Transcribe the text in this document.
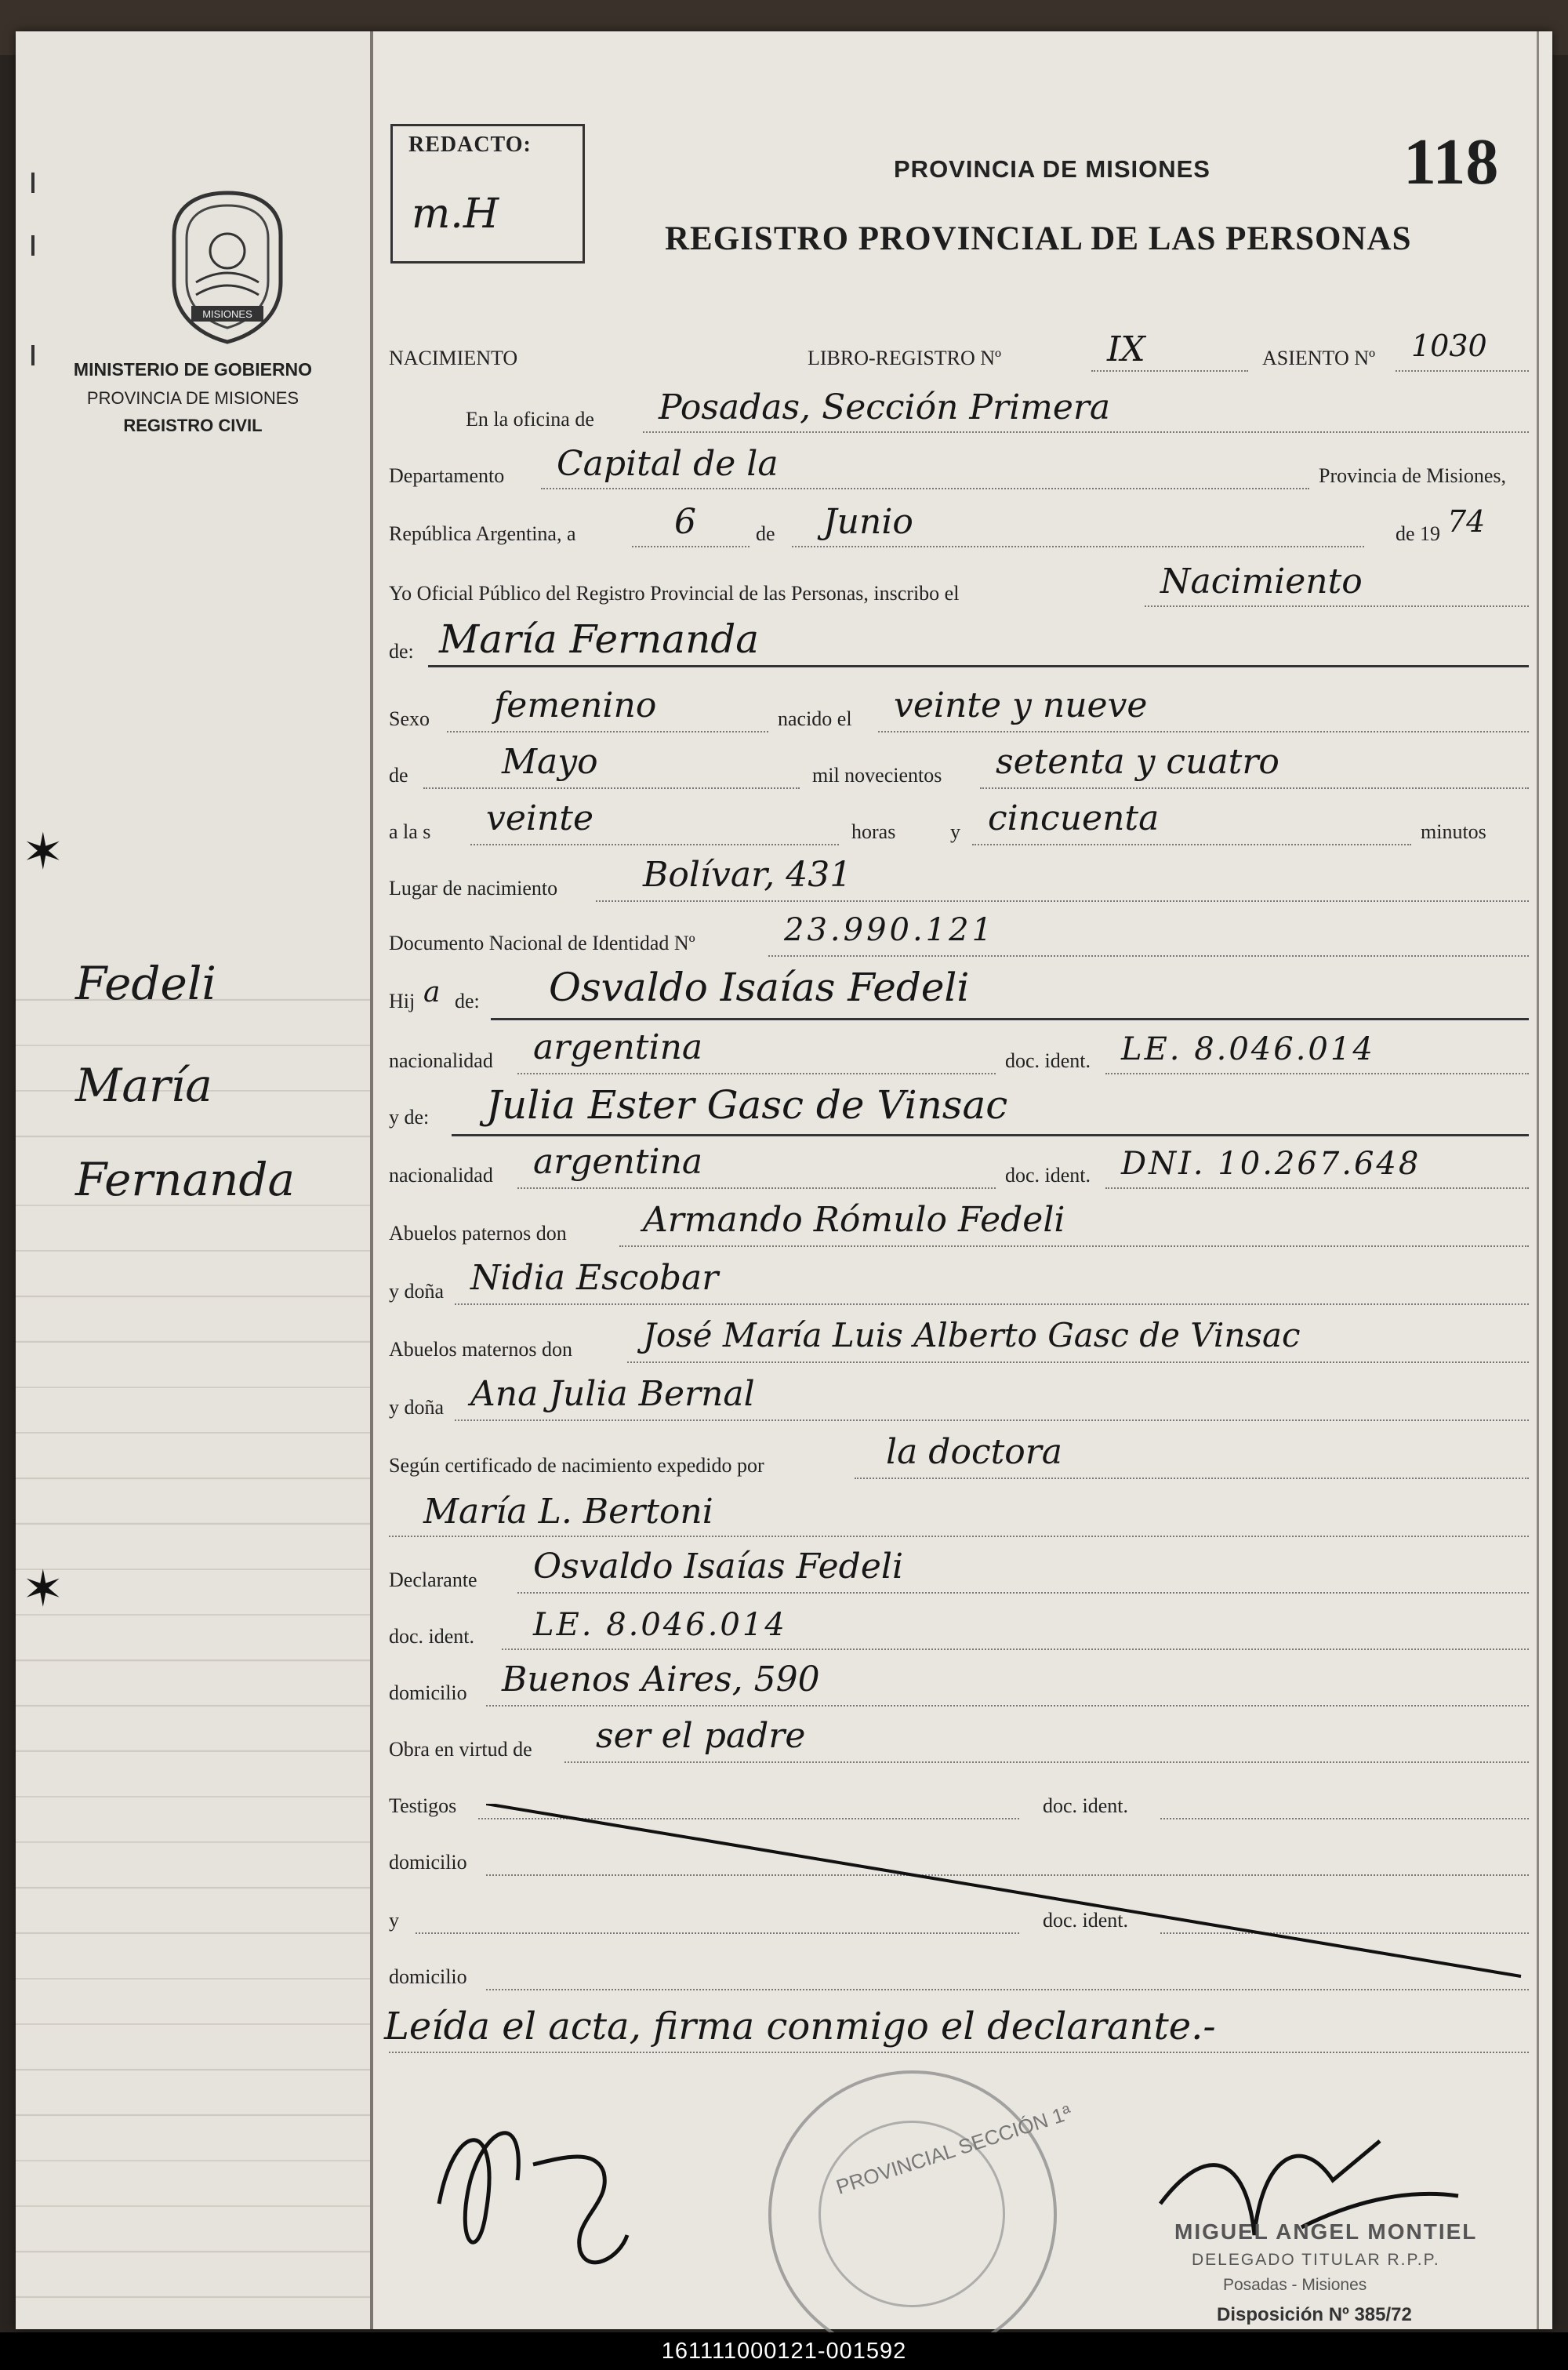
✶
✶
MISIONES
MINISTERIO DE GOBIERNO
PROVINCIA DE MISIONES
REGISTRO CIVIL
Fedeli
María
Fernanda
REDACTO:
m.H
PROVINCIA DE MISIONES
REGISTRO PROVINCIAL DE LAS PERSONAS
118
NACIMIENTO	LIBRO-REGISTRO Nº	IX	ASIENTO Nº 1030
En la oficina de Posadas, Sección Primera
Departamento Capital de la	Provincia de Misiones,
República Argentina, a	6	de Junio	de 19 74
Yo Oficial Público del Registro Provincial de las Personas, inscribo el	Nacimiento
de: María Fernanda
Sexo femenino	nacido el veinte y nueve
de	Mayo	mil novecientos setenta y cuatro
a la s veinte	horas	y cincuenta	minutos
Lugar de nacimiento Bolívar, 431
Documento Nacional de Identidad Nº	23.990.121
Hij a de: Osvaldo Isaías Fedeli
nacionalidad argentina	doc. ident. LE. 8.046.014
y de: Julia Ester Gasc de Vinsac
nacionalidad argentina	doc. ident. DNI. 10.267.648
Abuelos paternos don Armando Rómulo Fedeli
y doña Nidia Escobar
Abuelos maternos don José María Luis Alberto Gasc de Vinsac
y doña Ana Julia Bernal
Según certificado de nacimiento expedido por	la doctora
María L. Bertoni
Declarante Osvaldo Isaías Fedeli
doc. ident. LE. 8.046.014
domicilio Buenos Aires, 590
Obra en virtud de ser el padre
Testigos	doc. ident.
domicilio
y	doc. ident.
domicilio
Leída el acta, firma conmigo el declarante.-
PROVINCIAL SECCIÓN 1ª
MIGUEL ANGEL MONTIEL
DELEGADO TITULAR R.P.P.
Posadas - Misiones
Disposición Nº 385/72
161111000121-001592
